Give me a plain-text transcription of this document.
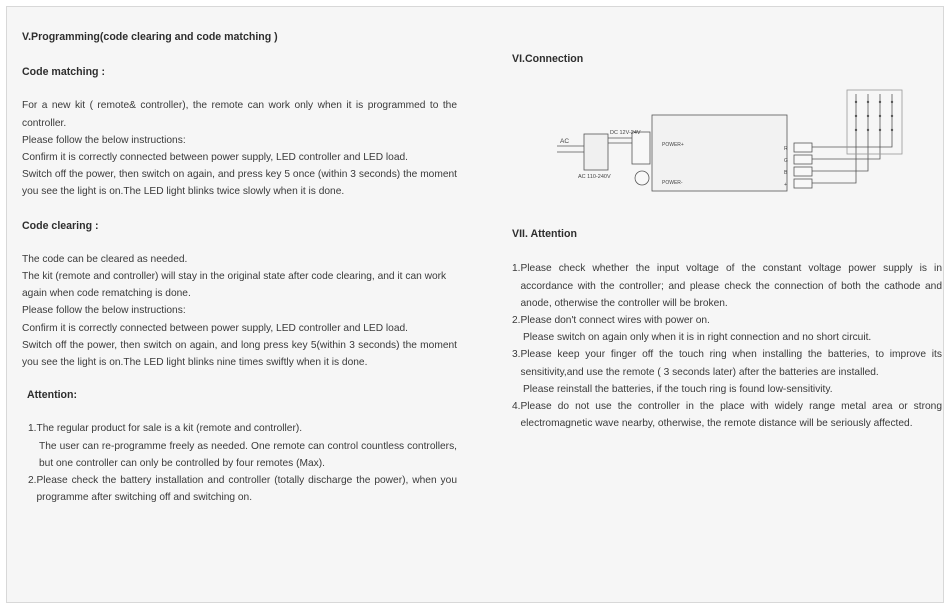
V.Programming(code clearing and code matching )

Code matching :

For a new kit ( remote& controller), the remote can work only when it is programmed to the controller.

Please follow the below instructions:

Confirm it is correctly connected between power supply, LED controller and LED load.

Switch off the power, then switch on again, and press key 5 once (within 3 seconds) the moment you see the light is on.The LED light blinks twice slowly when it is done.

Code clearing :

The code can be cleared as needed.

The kit (remote and controller) will stay in the original state after code clearing, and it can work again when code rematching is done.

Please follow the below instructions:

Confirm it is correctly connected between power supply, LED controller and LED load.

Switch off the power, then switch on again, and long press key 5(within 3 seconds) the moment you see the light is on.The LED light blinks nine times swiftly when it is done.

Attention:

1. The regular product for sale is a kit (remote and controller).

The user can re-programme freely as needed. One remote can control countless controllers, but one controller can only be controlled by four remotes (Max).

2. Please check the battery installation and controller (totally discharge the power), when you programme after switching off and switching on.

VI.Connection

AC
DC 12V-24V
AC 110-240V
POWER+
POWER-
R
G
B
+

VII. Attention

1. Please check whether the input voltage of the constant voltage power supply is in accordance with the controller; and please check the connection of both the cathode and anode, otherwise the controller will be broken.
2. Please don't connect wires with power on.

Please switch on again only when it is in right connection and no short circuit.

3. Please keep your finger off the touch ring when installing the batteries, to improve its sensitivity,and use the remote ( 3 seconds later) after the batteries are installed.

Please reinstall the batteries, if the touch ring is found low-sensitivity.

4. Please do not use the controller in the place with widely range metal area or strong electromagnetic wave nearby, otherwise, the remote distance will be seriously affected.
